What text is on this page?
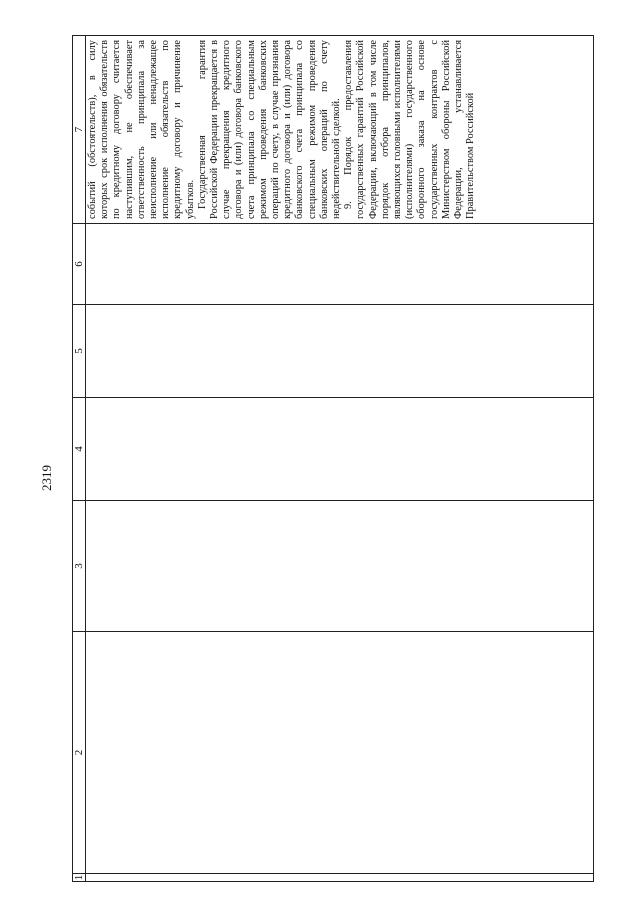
2319
1	2	3	4	5	6	7

						событий (обстоятельств), в силу которых срок исполнения обязательств по кредитному договору считается наступившим, не обеспечивает ответственность принципала за неисполнение или ненадлежащее исполнение обязательств по кредитному договору и причинение убытков. Государственная гарантия Российской Федерации прекращается в случае прекращения кредитного договора и (или) договора банковского счета принципала со специальным режимом проведения банковских операций по счету, в случае признания кредитного договора и (или) договора банковского счета принципала со специальным режимом проведения банковских операций по счету недействительной сделкой. 9. Порядок предоставления государственных гарантий Российской Федерации, включающий в том числе порядок отбора принципалов, являющихся головными исполнителями (исполнителями) государственного оборонного заказа на основе государственных контрактов с Министерством обороны Российской Федерации, устанавливается Правительством Российской
